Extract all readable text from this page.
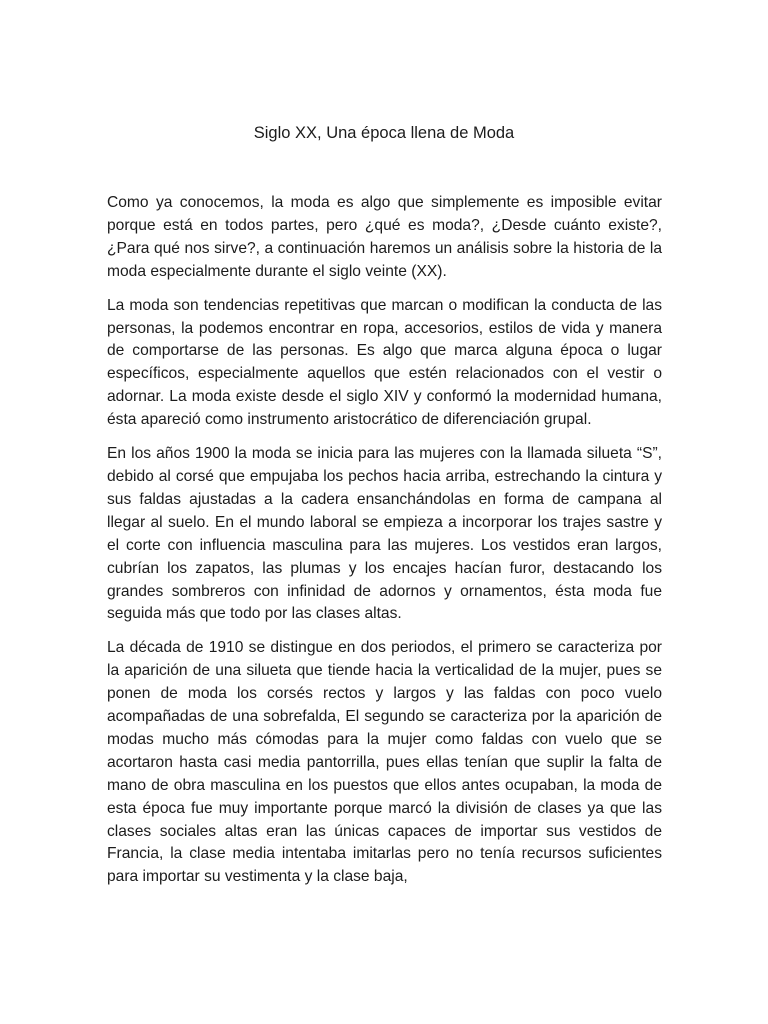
Siglo XX, Una época llena de Moda

Como ya conocemos, la moda es algo que simplemente es imposible evitar porque está en todos partes, pero ¿qué es moda?, ¿Desde cuánto existe?, ¿Para qué nos sirve?, a continuación haremos un análisis sobre la historia de la moda especialmente durante el siglo veinte (XX).

La moda son tendencias repetitivas que marcan o modifican la conducta de las personas, la podemos encontrar en ropa, accesorios, estilos de vida y manera de comportarse de las personas. Es algo que marca alguna época o lugar específicos, especialmente aquellos que estén relacionados con el vestir o adornar. La moda existe desde el siglo XIV y conformó la modernidad humana, ésta apareció como instrumento aristocrático de diferenciación grupal.

En los años 1900 la moda se inicia para las mujeres con la llamada silueta “S”, debido al corsé que empujaba los pechos hacia arriba, estrechando la cintura y sus faldas ajustadas a la cadera ensanchándolas en forma de campana al llegar al suelo. En el mundo laboral se empieza a incorporar los trajes sastre y el corte con influencia masculina para las mujeres. Los vestidos eran largos, cubrían los zapatos, las plumas y los encajes hacían furor, destacando los grandes sombreros con infinidad de adornos y ornamentos, ésta moda fue seguida más que todo por las clases altas.

La década de 1910 se distingue en dos periodos, el primero se caracteriza por la aparición de una silueta que tiende hacia la verticalidad de la mujer, pues se ponen de moda los corsés rectos y largos y las faldas con poco vuelo acompañadas de una sobrefalda, El segundo se caracteriza por la aparición de modas mucho más cómodas para la mujer como faldas con vuelo que se acortaron hasta casi media pantorrilla, pues ellas tenían que suplir la falta de mano de obra masculina en los puestos que ellos antes ocupaban, la moda de esta época fue muy importante porque marcó la división de clases ya que las clases sociales altas eran las únicas capaces de importar sus vestidos de Francia, la clase media intentaba imitarlas pero no tenía recursos suficientes para importar su vestimenta y la clase baja,
